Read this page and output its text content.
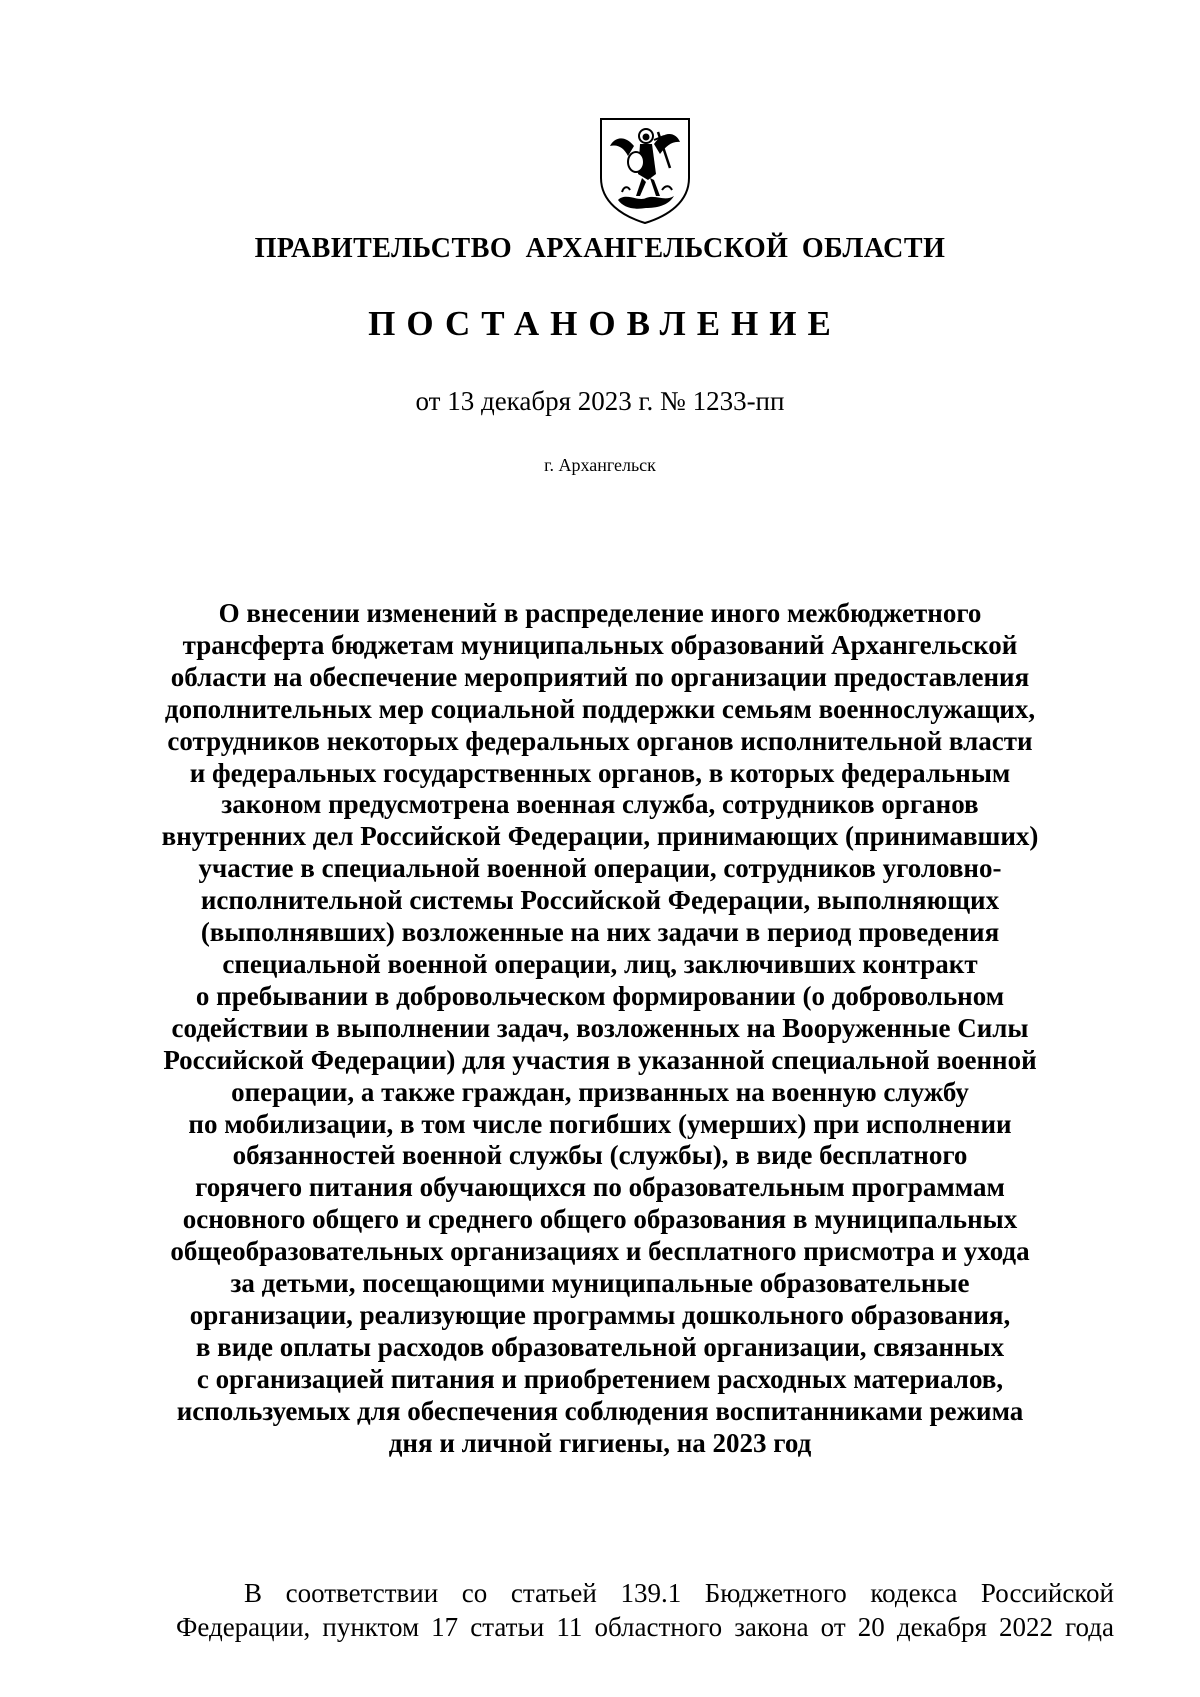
ПРАВИТЕЛЬСТВО АРХАНГЕЛЬСКОЙ ОБЛАСТИ
ПОСТАНОВЛЕНИЕ
от 13 декабря 2023 г. № 1233-пп
г. Архангельск
О внесении изменений в распределение иного межбюджетного
трансферта бюджетам муниципальных образований Архангельской
области на обеспечение мероприятий по организации предоставления
дополнительных мер социальной поддержки семьям военнослужащих,
сотрудников некоторых федеральных органов исполнительной власти
и федеральных государственных органов, в которых федеральным
законом предусмотрена военная служба, сотрудников органов
внутренних дел Российской Федерации, принимающих (принимавших)
участие в специальной военной операции, сотрудников уголовно-
исполнительной системы Российской Федерации, выполняющих
(выполнявших) возложенные на них задачи в период проведения
специальной военной операции, лиц, заключивших контракт
о пребывании в добровольческом формировании (о добровольном
содействии в выполнении задач, возложенных на Вооруженные Силы
Российской Федерации) для участия в указанной специальной военной
операции, а также граждан, призванных на военную службу
по мобилизации, в том числе погибших (умерших) при исполнении
обязанностей военной службы (службы), в виде бесплатного
горячего питания обучающихся по образовательным программам
основного общего и среднего общего образования в муниципальных
общеобразовательных организациях и бесплатного присмотра и ухода
за детьми, посещающими муниципальные образовательные
организации, реализующие программы дошкольного образования,
в виде оплаты расходов образовательной организации, связанных
с организацией питания и приобретением расходных материалов,
используемых для обеспечения соблюдения воспитанниками режима
дня и личной гигиены, на 2023 год
В соответствии со статьей 139.1 Бюджетного кодекса Российской
Федерации, пунктом 17 статьи 11 областного закона от 20 декабря 2022 года
